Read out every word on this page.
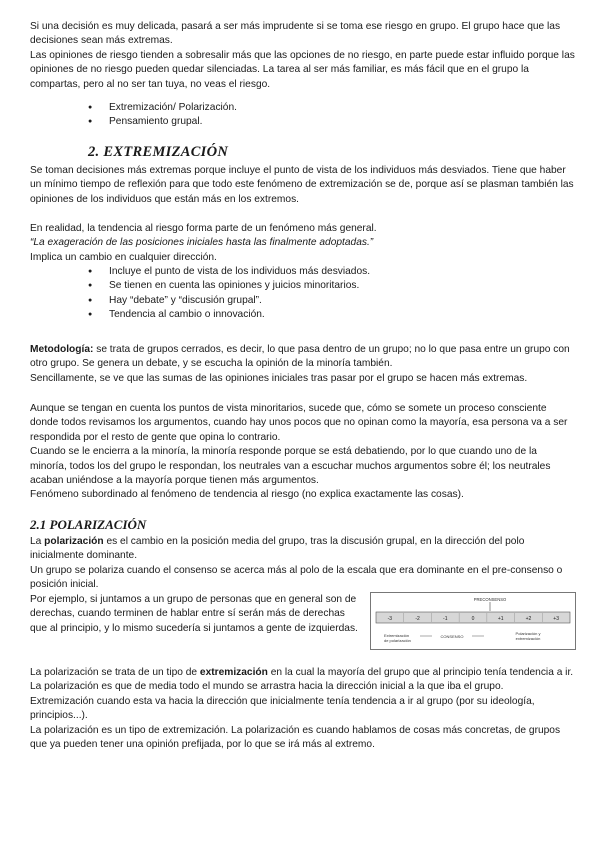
Si una decisión es muy delicada, pasará a ser más imprudente si se toma ese riesgo en grupo. El grupo hace que las decisiones sean más extremas.

Las opiniones de riesgo tienden a sobresalir más que las opciones de no riesgo, en parte puede estar influido porque las opiniones de no riesgo pueden quedar silenciadas. La tarea al ser más familiar, es más fácil que en el grupo la compartas, pero al no ser tan tuya, no veas el riesgo.

● Extremización/ Polarización.
● Pensamiento grupal.
2. EXTREMIZACIÓN

Se toman decisiones más extremas porque incluye el punto de vista de los individuos más desviados. Tiene que haber un mínimo tiempo de reflexión para que todo este fenómeno de extremización se de, porque así se plasman también las opiniones de los individuos que están más en los extremos.

En realidad, la tendencia al riesgo forma parte de un fenómeno más general.

“La exageración de las posiciones iniciales hasta las finalmente adoptadas.”

Implica un cambio en cualquier dirección.

● Incluye el punto de vista de los individuos más desviados.
● Se tienen en cuenta las opiniones y juicios minoritarios.
● Hay “debate” y “discusión grupal”.
● Tendencia al cambio o innovación.

Metodología: se trata de grupos cerrados, es decir, lo que pasa dentro de un grupo; no lo que pasa entre un grupo con otro grupo. Se genera un debate, y se escucha la opinión de la minoría también.

Sencillamente, se ve que las sumas de las opiniones iniciales tras pasar por el grupo se hacen más extremas.

Aunque se tengan en cuenta los puntos de vista minoritarios, sucede que, cómo se somete un proceso consciente donde todos revisamos los argumentos, cuando hay unos pocos que no opinan como la mayoría, esa persona va a ser respondida por el resto de gente que opina lo contrario.

Cuando se le encierra a la minoría, la minoría responde porque se está debatiendo, por lo que cuando uno de la minoría, todos los del grupo le respondan, los neutrales van a escuchar muchos argumentos sobre él; los neutrales acaban uniéndose a la mayoría porque tienen más argumentos.

Fenómeno subordinado al fenómeno de tendencia al riesgo (no explica exactamente las cosas).

2.1 POLARIZACIÓN

La polarización es el cambio en la posición media del grupo, tras la discusión grupal, en la dirección del polo inicialmente dominante.

Un grupo se polariza cuando el consenso se acerca más al polo de la escala que era dominante en el pre-consenso o posición inicial.

Por ejemplo, si juntamos a un grupo de personas que en general son de derechas, cuando terminen de hablar entre sí serán más de derechas que al principio, y lo mismo sucedería si juntamos a gente de izquierdas.

PRECONSENSO
-3	-2	-1	0	+1	+2	+3
Extremización
de polarización
CONSENSO
Polarización y
extremización

La polarización se trata de un tipo de extremización en la cual la mayoría del grupo que al principio tenía tendencia a ir.

La polarización es que de media todo el mundo se arrastra hacia la dirección inicial a la que iba el grupo.

Extremización cuando esta va hacia la dirección que inicialmente tenía tendencia a ir al grupo (por su ideología, principios...).

La polarización es un tipo de extremización. La polarización es cuando hablamos de cosas más concretas, de grupos que ya pueden tener una opinión prefijada, por lo que se irá más al extremo.
